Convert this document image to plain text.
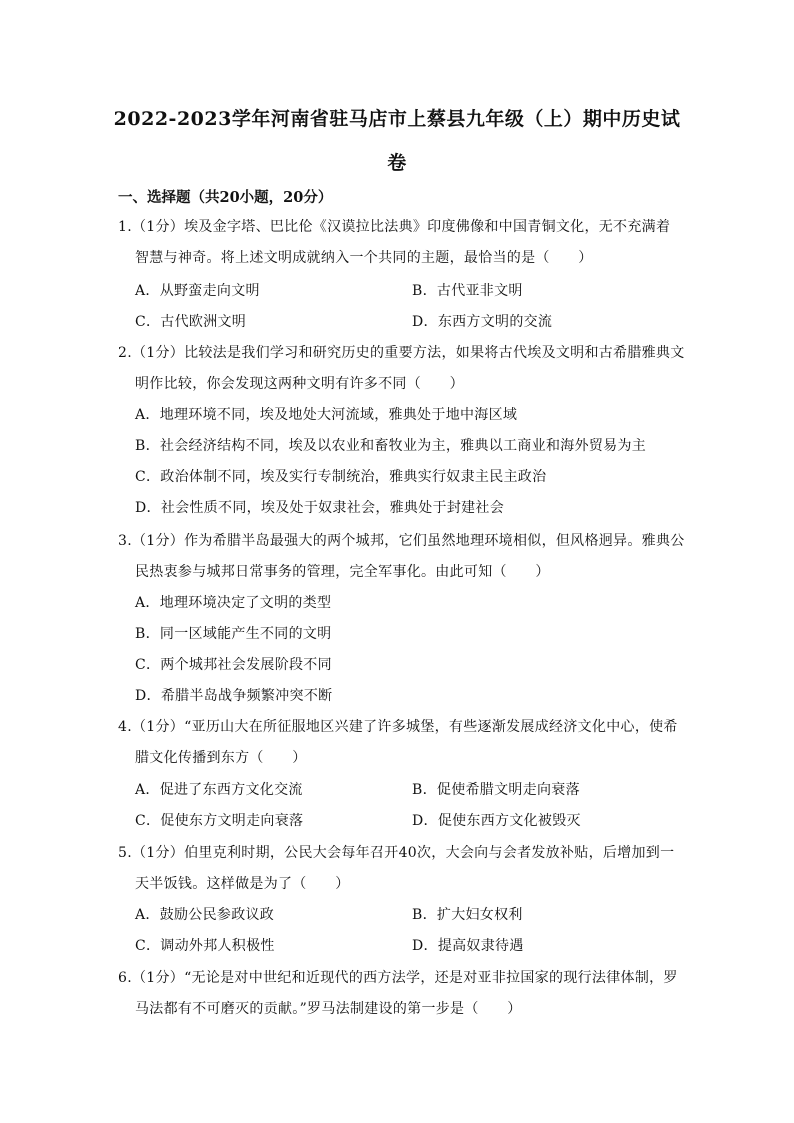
2022-2023学年河南省驻马店市上蔡县九年级（上）期中历史试
卷
一、选择题（共20小题，20分）
1.（1分）埃及金字塔、巴比伦《汉谟拉比法典》印度佛像和中国青铜文化，无不充满着
智慧与神奇。将上述文明成就纳入一个共同的主题，最恰当的是（　　）
A．从野蛮走向文明	B．古代亚非文明
C．古代欧洲文明	D．东西方文明的交流
2.（1分）比较法是我们学习和研究历史的重要方法，如果将古代埃及文明和古希腊雅典文
明作比较，你会发现这两种文明有许多不同（　　）
A．地理环境不同，埃及地处大河流域，雅典处于地中海区域
B．社会经济结构不同，埃及以农业和畜牧业为主，雅典以工商业和海外贸易为主
C．政治体制不同，埃及实行专制统治，雅典实行奴隶主民主政治
D．社会性质不同，埃及处于奴隶社会，雅典处于封建社会
3.（1分）作为希腊半岛最强大的两个城邦，它们虽然地理环境相似，但风格迥异。雅典公
民热衷参与城邦日常事务的管理，完全军事化。由此可知（　　）
A．地理环境决定了文明的类型
B．同一区域能产生不同的文明
C．两个城邦社会发展阶段不同
D．希腊半岛战争频繁冲突不断
4.（1分）“亚历山大在所征服地区兴建了许多城堡，有些逐渐发展成经济文化中心，使希
腊文化传播到东方（　　）
A．促进了东西方文化交流	B．促使希腊文明走向衰落
C．促使东方文明走向衰落	D．促使东西方文化被毁灭
5.（1分）伯里克利时期，公民大会每年召开40次，大会向与会者发放补贴，后增加到一
天半饭钱。这样做是为了（　　）
A．鼓励公民参政议政	B．扩大妇女权利
C．调动外邦人积极性	D．提高奴隶待遇
6.（1分）“无论是对中世纪和近现代的西方法学，还是对亚非拉国家的现行法律体制，罗
马法都有不可磨灭的贡献。”罗马法制建设的第一步是（　　）
